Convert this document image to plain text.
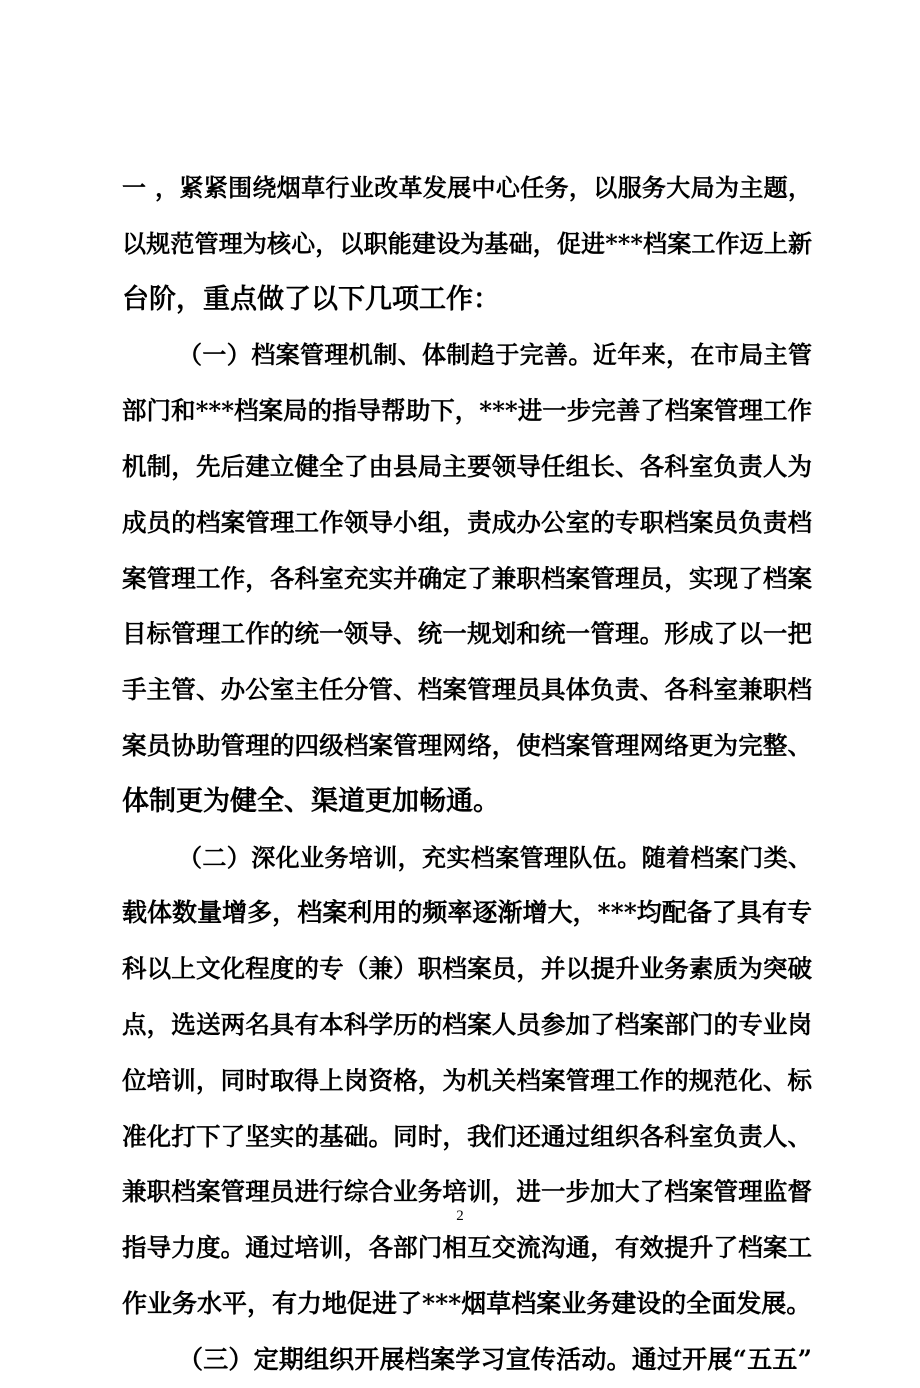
一 ，紧紧围绕烟草行业改革发展中心任务，以服务大局为主题，
以规范管理为核心，以职能建设为基础，促进***档案工作迈上新
台阶，重点做了以下几项工作：
（一）档案管理机制、体制趋于完善。近年来，在市局主管
部门和***档案局的指导帮助下，***进一步完善了档案管理工作
机制，先后建立健全了由县局主要领导任组长、各科室负责人为
成员的档案管理工作领导小组，责成办公室的专职档案员负责档
案管理工作，各科室充实并确定了兼职档案管理员，实现了档案
目标管理工作的统一领导、统一规划和统一管理。形成了以一把
手主管、办公室主任分管、档案管理员具体负责、各科室兼职档
案员协助管理的四级档案管理网络，使档案管理网络更为完整、
体制更为健全、渠道更加畅通。
（二）深化业务培训，充实档案管理队伍。随着档案门类、
载体数量增多，档案利用的频率逐渐增大，***均配备了具有专
科以上文化程度的专（兼）职档案员，并以提升业务素质为突破
点，选送两名具有本科学历的档案人员参加了档案部门的专业岗
位培训，同时取得上岗资格，为机关档案管理工作的规范化、标
准化打下了坚实的基础。同时，我们还通过组织各科室负责人、
兼职档案管理员进行综合业务培训，进一步加大了档案管理监督
指导力度。通过培训，各部门相互交流沟通，有效提升了档案工
作业务水平，有力地促进了***烟草档案业务建设的全面发展。
（三）定期组织开展档案学习宣传活动。通过开展“五五”
2
